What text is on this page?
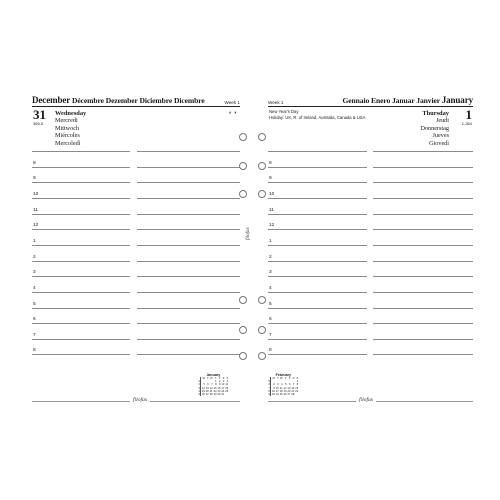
December Décembre Dezember Diciembre Dicembre	Week 1
31
366-0
Wednesday
Mercredi
Mittwoch
Miércoles
Mercoledì
◐ ◑
Week 1	Gennaio Enero Januar Janvier January
New Year's Day
Holiday: UK, R. of Ireland, Australia, Canada & USA
Thursday
Jeudi
Donnerstag
Jueves
Giovedì
1
1-364
8
9
10
11
12
1
2
3
4
5
6
7
8
8
9
10
11
12
1
2
3
4
5
6
7
8
filofax
filofax	filofax
January
	M	T	W	T	F	S	S
1				1	2	3	4
2	5	6	7	8	9	10	11
3	12	13	14	15	16	17	18
4	19	20	21	22	23	24	25
5	26	27	28	29	30	31	
February
	M	T	W	T	F	S	S
5							1
6	2	3	4	5	6	7	8
7	9	10	11	12	13	14	15
8	16	17	18	19	20	21	22
9	23	24	25	26	27	28	
